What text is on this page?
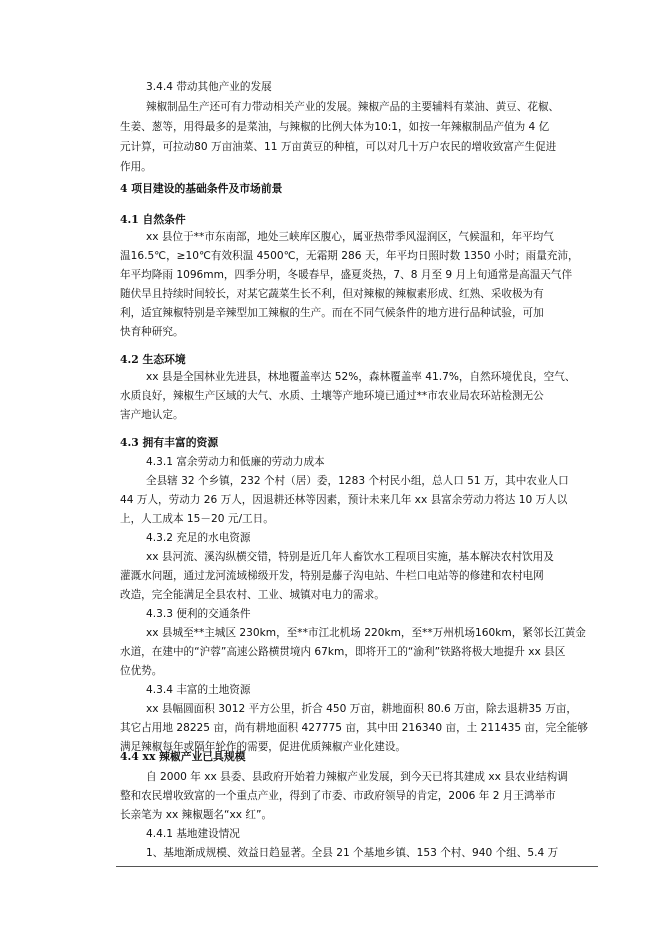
3.4.4 带动其他产业的发展
辣椒制品生产还可有力带动相关产业的发展。辣椒产品的主要辅料有菜油、黄豆、花椒、
生姜、葱等，用得最多的是菜油，与辣椒的比例大体为10:1，如按一年辣椒制品产值为 4 亿
元计算，可拉动80 万亩油菜、11 万亩黄豆的种植，可以对几十万户农民的增收致富产生促进
作用。
4 项目建设的基础条件及市场前景
4.1 自然条件
xx 县位于**市东南部，地处三峡库区腹心，属亚热带季风湿润区，气候温和，年平均气
温16.5℃，≥10℃有效积温 4500℃，无霜期 286 天，年平均日照时数 1350 小时；雨量充沛，
年平均降雨 1096mm，四季分明，冬暖春早，盛夏炎热，7、8 月至 9 月上旬通常是高温天气伴
随伏旱且持续时间较长，对某它蔬菜生长不利，但对辣椒的辣椒素形成、红熟、采收极为有
利，适宜辣椒特别是辛辣型加工辣椒的生产。而在不同气候条件的地方进行品种试验，可加
快育种研究。
4.2 生态环境
xx 县是全国林业先进县，林地覆盖率达 52%，森林覆盖率 41.7%，自然环境优良，空气、
水质良好，辣椒生产区域的大气、水质、土壤等产地环境已通过**市农业局农环站检测无公
害产地认定。
4.3 拥有丰富的资源
4.3.1 富余劳动力和低廉的劳动力成本
全县辖 32 个乡镇，232 个村（居）委，1283 个村民小组，总人口 51 万，其中农业人口
44 万人，劳动力 26 万人，因退耕还林等因素，预计未来几年 xx 县富余劳动力将达 10 万人以
上，人工成本 15－20 元/工日。
4.3.2 充足的水电资源
xx 县河流、溪沟纵横交错，特别是近几年人畜饮水工程项目实施，基本解决农村饮用及
灌溉水问题，通过龙河流域梯级开发，特别是藤子沟电站、牛栏口电站等的修建和农村电网
改造，完全能满足全县农村、工业、城镇对电力的需求。
4.3.3 便利的交通条件
xx 县城至**主城区 230km，至**市江北机场 220km，至**万州机场160km，紧邻长江黄金
水道，在建中的“沪蓉”高速公路横贯境内 67km，即将开工的“渝利”铁路将极大地提升 xx 县区
位优势。
4.3.4 丰富的土地资源
xx 县幅圆面积 3012 平方公里，折合 450 万亩，耕地面积 80.6 万亩，除去退耕35 万亩，
其它占用地 28225 亩，尚有耕地面积 427775 亩，其中田 216340 亩，土 211435 亩，完全能够
满足辣椒每年或隔年轮作的需要，促进优质辣椒产业化建设。
4.4 xx 辣椒产业已具规模
自 2000 年 xx 县委、县政府开始着力辣椒产业发展，到今天已将其建成 xx 县农业结构调
整和农民增收致富的一个重点产业，得到了市委、市政府领导的肯定，2006 年 2 月王鸿举市
长亲笔为 xx 辣椒题名“xx 红”。
4.4.1 基地建设情况
1、基地渐成规模、效益日趋显著。全县 21 个基地乡镇、153 个村、940 个组、5.4 万
